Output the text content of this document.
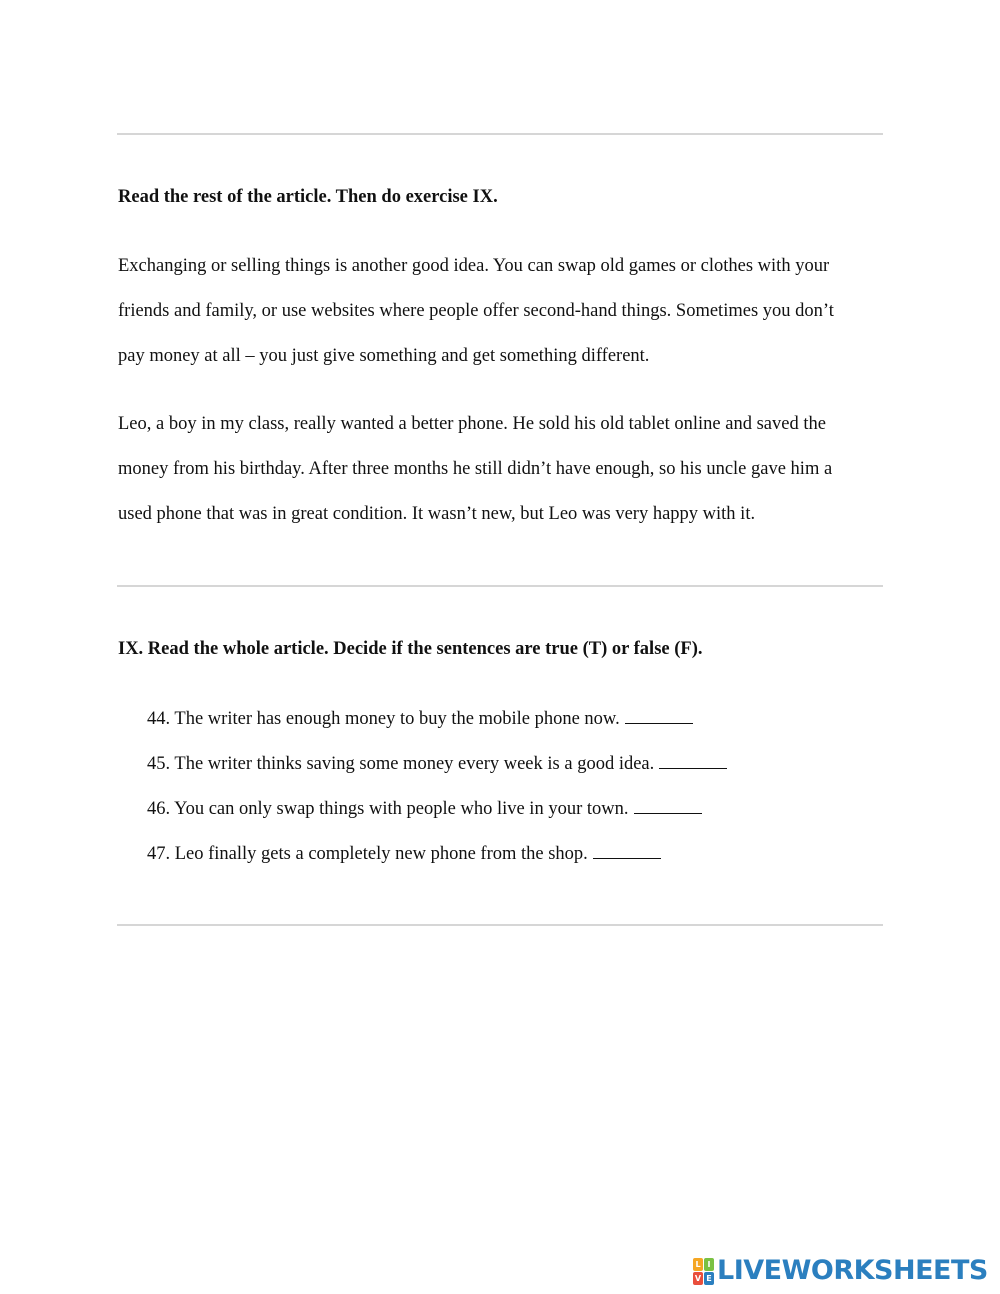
Read the rest of the article. Then do exercise IX.
Exchanging or selling things is another good idea. You can swap old games or clothes with your
friends and family, or use websites where people offer second-hand things. Sometimes you don’t
pay money at all – you just give something and get something different.
Leo, a boy in my class, really wanted a better phone. He sold his old tablet online and saved the
money from his birthday. After three months he still didn’t have enough, so his uncle gave him a
used phone that was in great condition. It wasn’t new, but Leo was very happy with it.
IX. Read the whole article. Decide if the sentences are true (T) or false (F).
44. The writer has enough money to buy the mobile phone now.
45. The writer thinks saving some money every week is a good idea.
46. You can only swap things with people who live in your town.
47. Leo finally gets a completely new phone from the shop.
L I
V E LIVEWORKSHEETS
